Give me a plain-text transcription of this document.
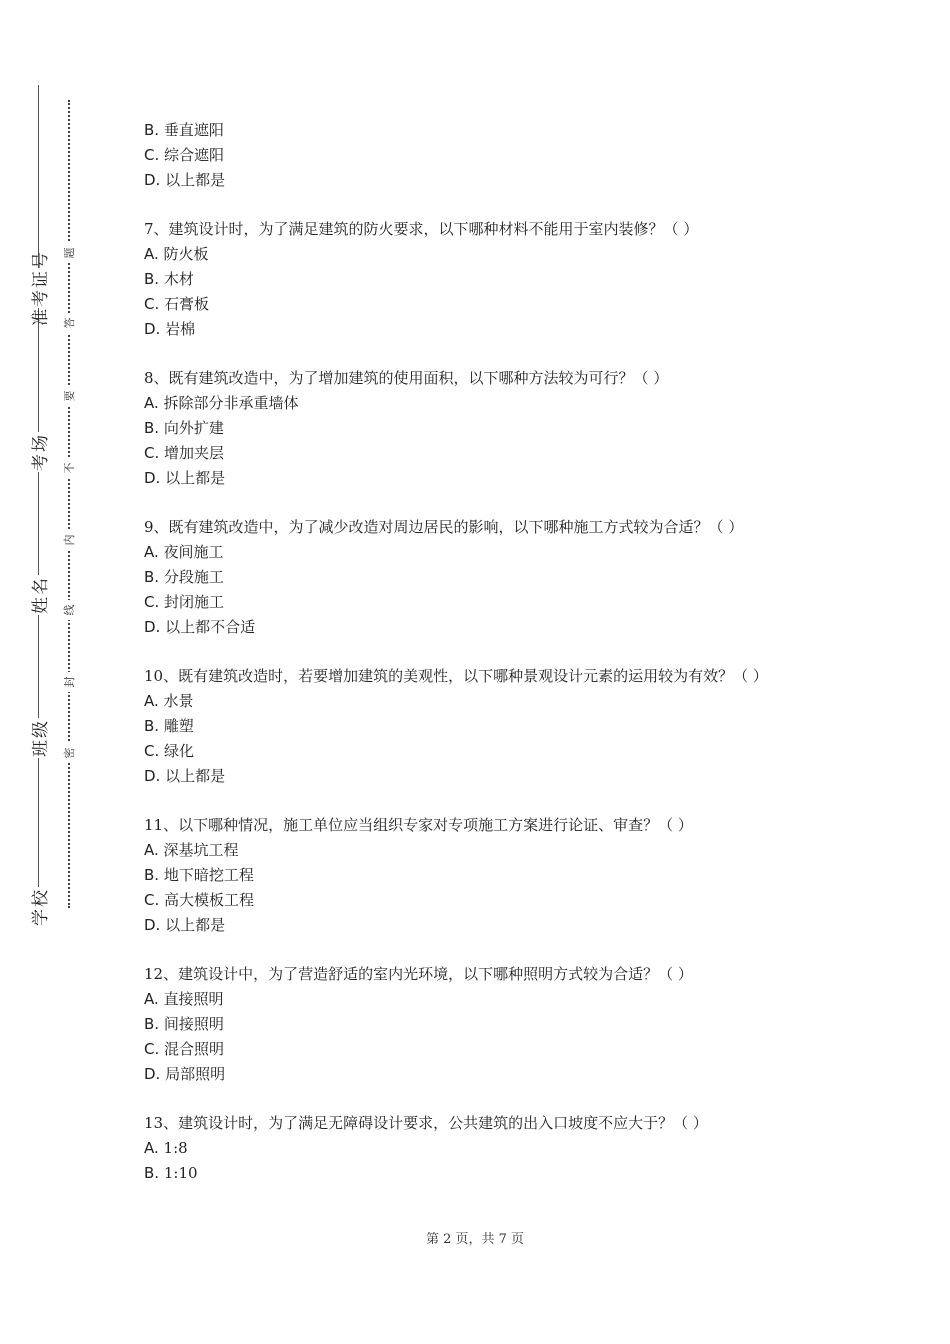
准考证号
考场
姓名
班级
学校
题
答
要
不
内
线
封
密
B. 垂直遮阳
C. 综合遮阳
D. 以上都是
7、建筑设计时，为了满足建筑的防火要求，以下哪种材料不能用于室内装修？（ ）
A. 防火板
B. 木材
C. 石膏板
D. 岩棉
8、既有建筑改造中，为了增加建筑的使用面积，以下哪种方法较为可行？（ ）
A. 拆除部分非承重墙体
B. 向外扩建
C. 增加夹层
D. 以上都是
9、既有建筑改造中，为了减少改造对周边居民的影响，以下哪种施工方式较为合适？（ ）
A. 夜间施工
B. 分段施工
C. 封闭施工
D. 以上都不合适
10、既有建筑改造时，若要增加建筑的美观性，以下哪种景观设计元素的运用较为有效？（ ）
A. 水景
B. 雕塑
C. 绿化
D. 以上都是
11、以下哪种情况，施工单位应当组织专家对专项施工方案进行论证、审查？（ ）
A. 深基坑工程
B. 地下暗挖工程
C. 高大模板工程
D. 以上都是
12、建筑设计中，为了营造舒适的室内光环境，以下哪种照明方式较为合适？（ ）
A. 直接照明
B. 间接照明
C. 混合照明
D. 局部照明
13、建筑设计时，为了满足无障碍设计要求，公共建筑的出入口坡度不应大于？（ ）
A. 1:8
B. 1:10
第 2 页，共 7 页
